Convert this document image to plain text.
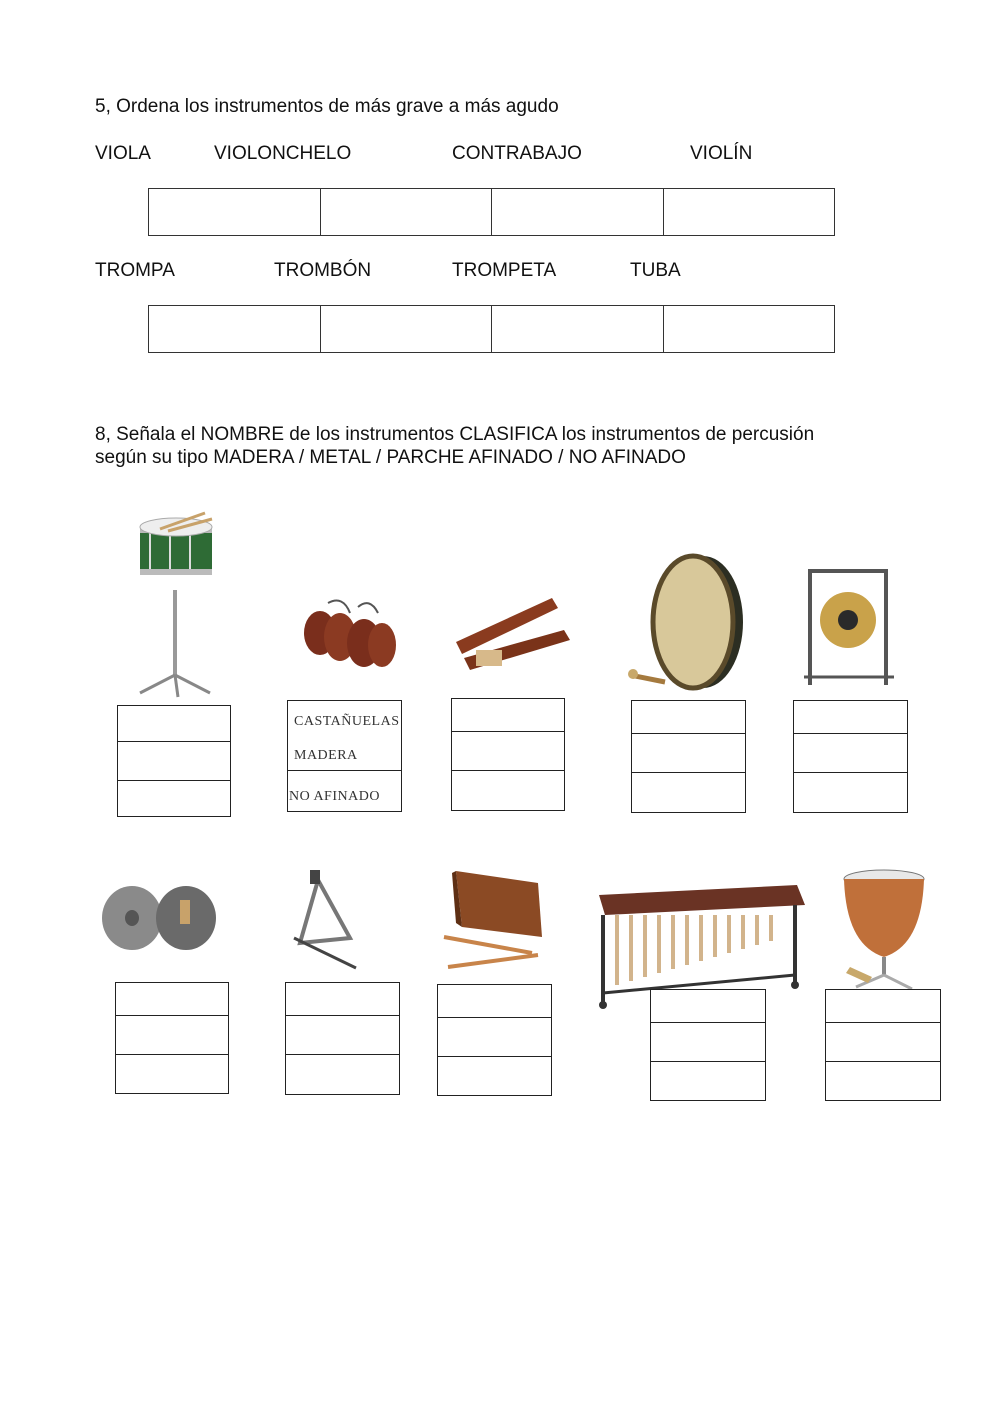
5, Ordena los instrumentos de más grave a más agudo
VIOLA	VIOLONCHELO	CONTRABAJO	VIOLÍN
TROMPA	TROMBÓN	TROMPETA	TUBA
8, Señala el NOMBRE de los instrumentos CLASIFICA los instrumentos de percusión
según su tipo MADERA / METAL / PARCHE AFINADO / NO AFINADO
CASTAÑUELAS
MADERA
NO AFINADO
